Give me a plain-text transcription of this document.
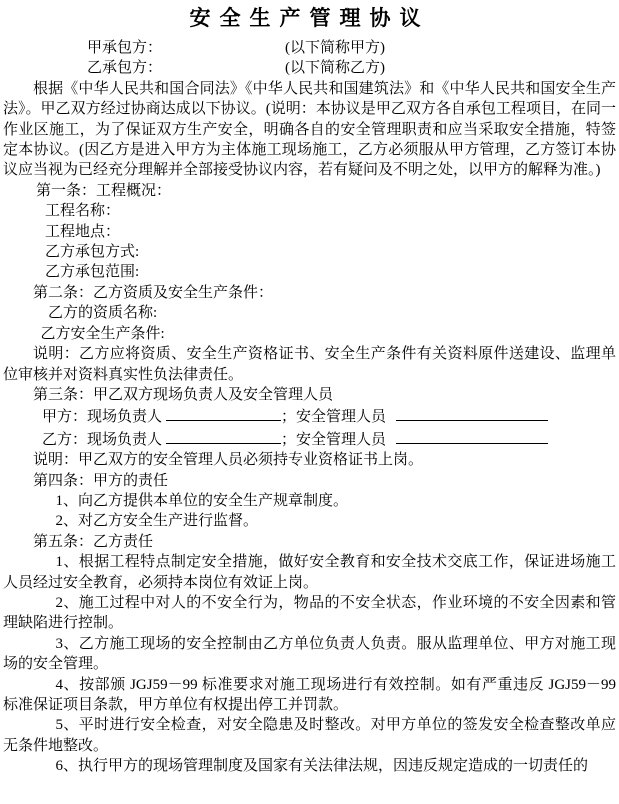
安全生产管理协议

甲承包方：	(以下简称甲方)

乙承包方：	(以下简称乙方)

根据《中华人民共和国合同法》《中华人民共和国建筑法》和《中华人民共和国安全生产法》。甲乙双方经过协商达成以下协议。(说明：本协议是甲乙双方各自承包工程项目，在同一作业区施工，为了保证双方生产安全，明确各自的安全管理职责和应当采取安全措施，特签定本协议。(因乙方是进入甲方为主体施工现场施工，乙方必须服从甲方管理，乙方签订本协议应当视为已经充分理解并全部接受协议内容，若有疑问及不明之处，以甲方的解释为准。)

第一条：工程概况：

工程名称：

工程地点：

乙方承包方式:

乙方承包范围:

第二条：乙方资质及安全生产条件：

乙方的资质名称:

乙方安全生产条件:

说明：乙方应将资质、安全生产资格证书、安全生产条件有关资料原件送建设、监理单位审核并对资料真实性负法律责任。

第三条：甲乙双方现场负责人及安全管理人员

甲方：现场负责人	；安全管理人员

乙方：现场负责人	；安全管理人员

说明：甲乙双方的安全管理人员必须持专业资格证书上岗。

第四条：甲方的责任

1、向乙方提供本单位的安全生产规章制度。

2、对乙方安全生产进行监督。

第五条：乙方责任

1、根据工程特点制定安全措施，做好安全教育和安全技术交底工作，保证进场施工人员经过安全教育，必须持本岗位有效证上岗。

2、施工过程中对人的不安全行为，物品的不安全状态，作业环境的不安全因素和管理缺陷进行控制。

3、乙方施工现场的安全控制由乙方单位负责人负责。服从监理单位、甲方对施工现场的安全管理。

4、按部颁 JGJ59－99 标准要求对施工现场进行有效控制。如有严重违反 JGJ59－99 标准保证项目条款，甲方单位有权提出停工并罚款。

5、平时进行安全检查，对安全隐患及时整改。对甲方单位的签发安全检查整改单应无条件地整改。

6、执行甲方的现场管理制度及国家有关法律法规，因违反规定造成的一切责任的
